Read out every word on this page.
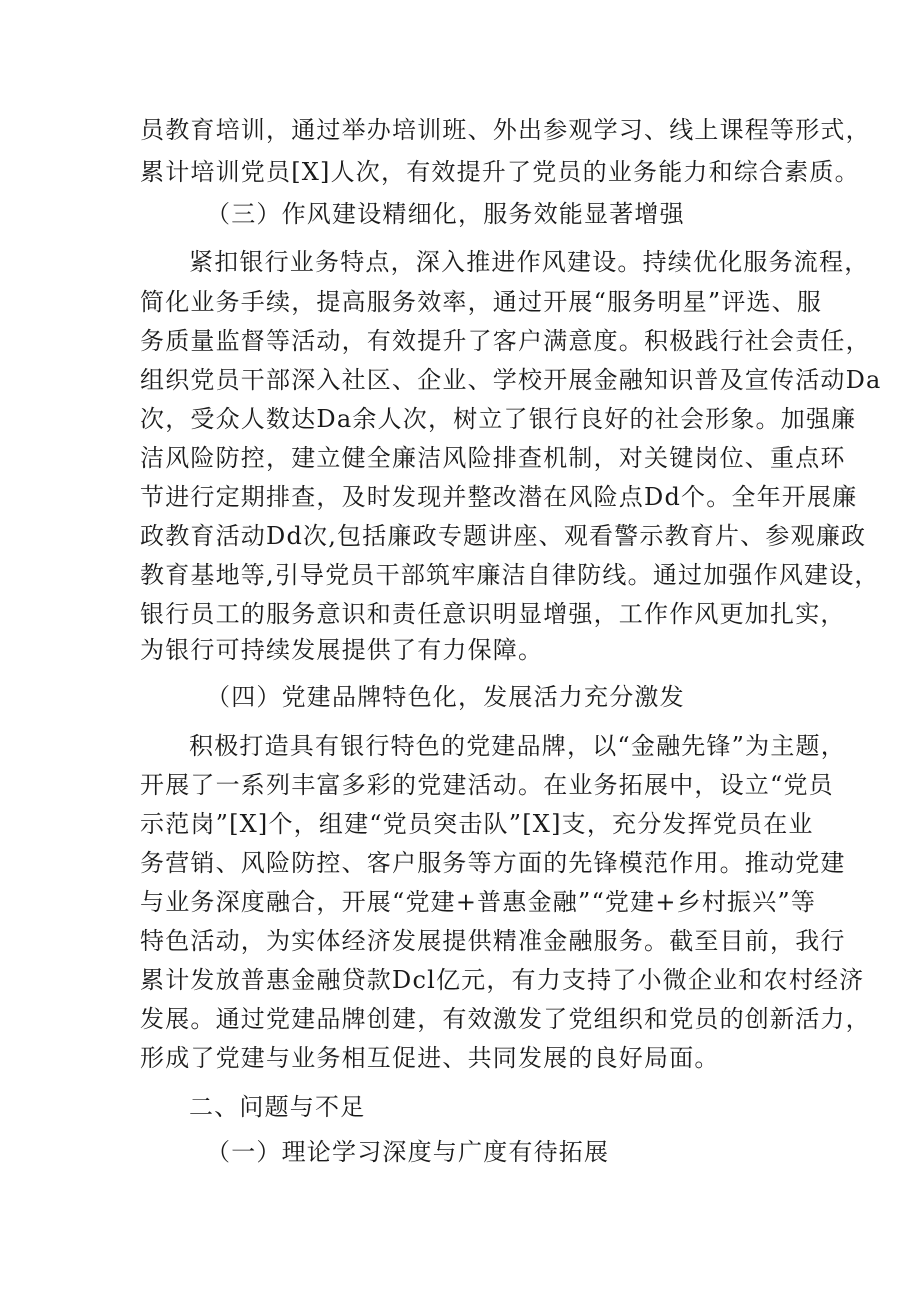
员教育培训，通过举办培训班、外出参观学习、线上课程等形式，
累计培训党员[X]人次，有效提升了党员的业务能力和综合素质。
（三）作风建设精细化，服务效能显著增强
紧扣银行业务特点，深入推进作风建设。持续优化服务流程，
简化业务手续，提高服务效率，通过开展“服务明星”评选、服
务质量监督等活动，有效提升了客户满意度。积极践行社会责任，
组织党员干部深入社区、企业、学校开展金融知识普及宣传活动Da
次，受众人数达Da余人次，树立了银行良好的社会形象。加强廉
洁风险防控，建立健全廉洁风险排查机制，对关键岗位、重点环
节进行定期排查，及时发现并整改潜在风险点Dd个。全年开展廉
政教育活动Dd次,包括廉政专题讲座、观看警示教育片、参观廉政
教育基地等,引导党员干部筑牢廉洁自律防线。通过加强作风建设，
银行员工的服务意识和责任意识明显增强，工作作风更加扎实，
为银行可持续发展提供了有力保障。
（四）党建品牌特色化，发展活力充分激发
积极打造具有银行特色的党建品牌，以“金融先锋”为主题，
开展了一系列丰富多彩的党建活动。在业务拓展中，设立“党员
示范岗”[X]个，组建“党员突击队”[X]支，充分发挥党员在业
务营销、风险防控、客户服务等方面的先锋模范作用。推动党建
与业务深度融合，开展“党建+普惠金融”“党建+乡村振兴”等
特色活动，为实体经济发展提供精准金融服务。截至目前，我行
累计发放普惠金融贷款Dcl亿元，有力支持了小微企业和农村经济
发展。通过党建品牌创建，有效激发了党组织和党员的创新活力，
形成了党建与业务相互促进、共同发展的良好局面。
二、问题与不足
（一）理论学习深度与广度有待拓展
